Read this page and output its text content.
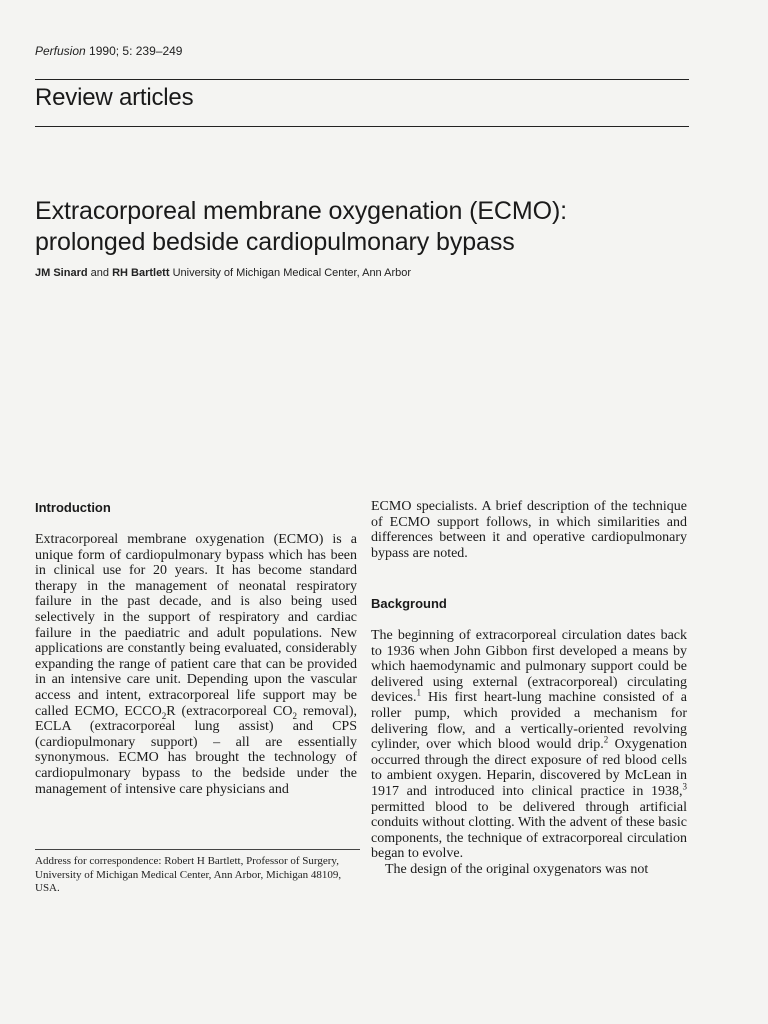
Perfusion 1990; 5: 239–249
Review articles
Extracorporeal membrane oxygenation (ECMO):
prolonged bedside cardiopulmonary bypass
JM Sinard and RH Bartlett University of Michigan Medical Center, Ann Arbor
Introduction

Extracorporeal membrane oxygenation (ECMO) is a unique form of cardiopulmonary bypass which has been in clinical use for 20 years. It has become standard therapy in the management of neonatal respiratory failure in the past decade, and is also being used selectively in the support of respiratory and cardiac failure in the paediatric and adult populations. New applications are constantly being evaluated, considerably expanding the range of patient care that can be provided in an intensive care unit. Depending upon the vascular access and intent, extracorporeal life support may be called ECMO, $ECCO_2R$ (extracorporeal $CO_2$ removal), ECLA (extracorporeal lung assist) and CPS (cardiopulmonary support) – all are essentially synonymous. ECMO has brought the technology of cardiopulmonary bypass to the bedside under the management of intensive care physicians and

Address for correspondence: Robert H Bartlett, Professor of Surgery, University of Michigan Medical Center, Ann Arbor, Michigan 48109, USA.

ECMO specialists. A brief description of the technique of ECMO support follows, in which similarities and differences between it and operative cardiopulmonary bypass are noted.

Background

The beginning of extracorporeal circulation dates back to 1936 when John Gibbon first developed a means by which haemodynamic and pulmonary support could be delivered using external (extracorporeal) circulating devices.$^1$ His first heart-lung machine consisted of a roller pump, which provided a mechanism for delivering flow, and a vertically-oriented revolving cylinder, over which blood would drip.$^2$ Oxygenation occurred through the direct exposure of red blood cells to ambient oxygen. Heparin, discovered by McLean in 1917 and introduced into clinical practice in 1938,$^3$ permitted blood to be delivered through artificial conduits without clotting. With the advent of these basic components, the technique of extracorporeal circulation began to evolve.

The design of the original oxygenators was not
